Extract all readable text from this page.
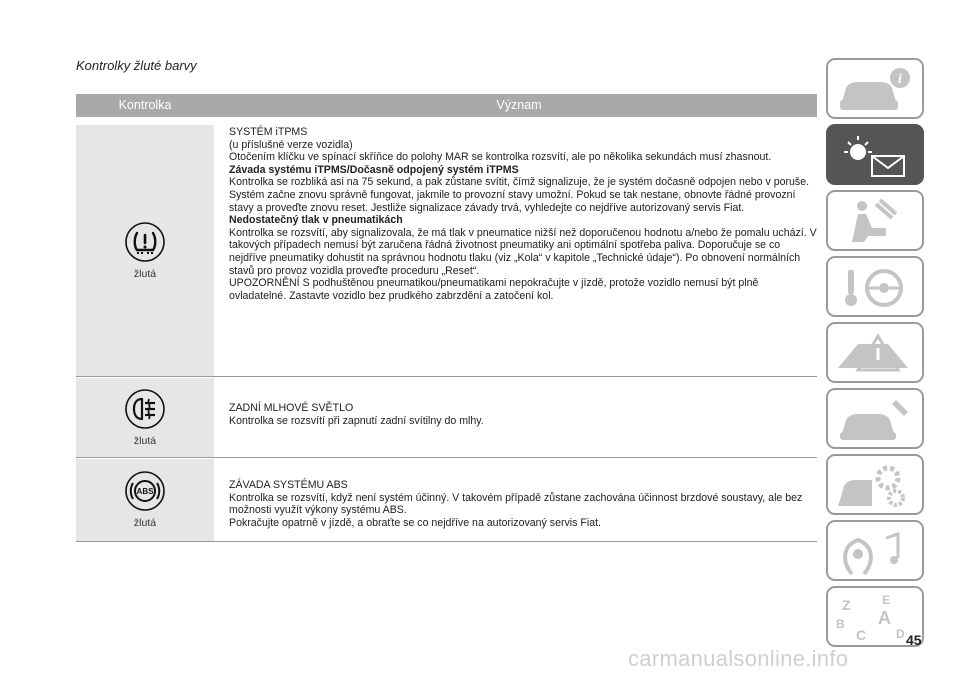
Kontrolky žluté barvy
Kontrolka	Význam
žlutá
SYSTÉM iTPMS
(u příslušné verze vozidla)
Otočením klíčku ve spínací skříňce do polohy MAR se kontrolka rozsvítí, ale po několika sekundách musí zhasnout.
Závada systému iTPMS/Dočasně odpojený systém iTPMS
Kontrolka se rozbliká asi na 75 sekund, a pak zůstane svítit, čímž signalizuje, že je systém dočasně odpojen nebo v poruše. Systém začne znovu správně fungovat, jakmile to provozní stavy umožní. Pokud se tak nestane, obnovte řádné provozní stavy a proveďte znovu reset. Jestliže signalizace závady trvá, vyhledejte co nejdříve autorizovaný servis Fiat.
Nedostatečný tlak v pneumatikách
Kontrolka se rozsvítí, aby signalizovala, že má tlak v pneumatice nižší než doporučenou hodnotu a/nebo že pomalu uchází. V takových případech nemusí být zaručena řádná životnost pneumatiky ani optimální spotřeba paliva. Doporučuje se co nejdříve pneumatiky dohustit na správnou hodnotu tlaku (viz „Kola“ v kapitole „Technické údaje“). Po obnovení normálních stavů pro provoz vozidla proveďte proceduru „Reset“.
UPOZORNĚNÍ S podhuštěnou pneumatikou/pneumatikami nepokračujte v jízdě, protože vozidlo nemusí být plně ovladatelné. Zastavte vozidlo bez prudkého zabrzdění a zatočení kol.
žlutá
ZADNÍ MLHOVÉ SVĚTLO
Kontrolka se rozsvítí při zapnutí zadní svítilny do mlhy.
ABS
žlutá
ZÁVADA SYSTÉMU ABS
Kontrolka se rozsvítí, když není systém účinný. V takovém případě zůstane zachována účinnost brzdové soustavy, ale bez možnosti využít výkony systému ABS.
Pokračujte opatrně v jízdě, a obraťte se co nejdříve na autorizovaný servis Fiat.
i
Z	E
A
B
C D 45
carmanualsonline.info
